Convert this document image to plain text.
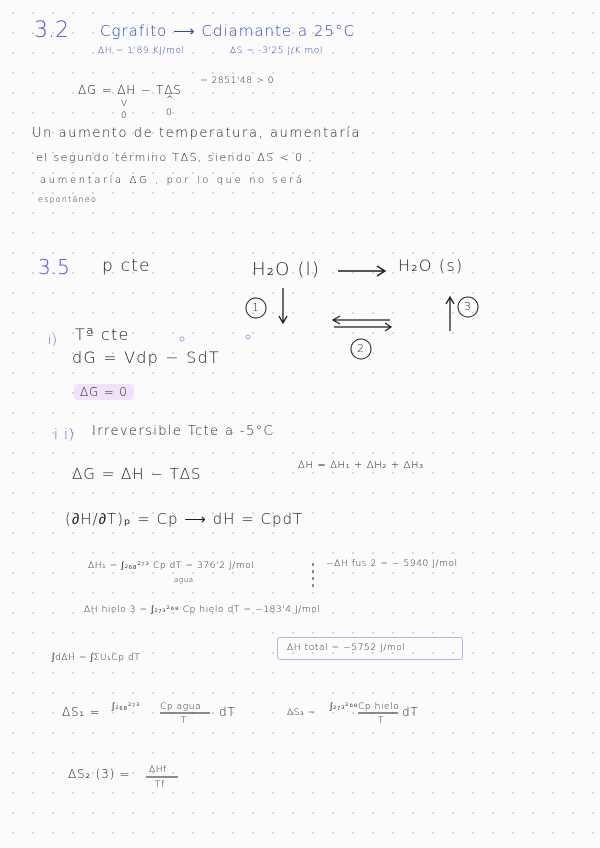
3.2 Cgrafito ⟶ Cdiamante a 25°C
ΔH = 1'89 KJ/mol	ΔS = -3'25 J/K mol
ΔG = ΔH − TΔS
= 2851'48 > 0
V	^
0	0
Un aumento de temperatura, aumentaría
el segundo término TΔS, siendo ΔS < 0 ,
aumentaría ΔG , por lo que no será
espontáneo.
3.5 p cte	H₂O (l)	H₂O (s)
1
2
3
i) Tª cte
dG = Vdp − SdT
ΔG = 0
i i) Irreversible Tcte a -5°C
ΔG = ΔH − TΔS	ΔH = ΔH₁ + ΔH₂ + ΔH₃
(∂H/∂T)ₚ = Cp ⟶ dH = CpdT
ΔH₁ = ∫₂₆₈²⁷³ Cp dT = 376'2 J/mol
agua
−ΔH fus 2 = − 5940 J/mol
ΔH hielo 3 = ∫₂₇₃²⁶⁸ Cp hielo dT = −183'4 J/mol
∫dΔH = ∫ΣU₁Cp dT
ΔH total = −5752 J/mol
ΔS₁ = ∫₂₆₈²⁷³ Cp agua
T
dT	ΔS₃ =
∫₂₇₃²⁶⁸ Cp hielo
T
dT
ΔS₂ (3) = ΔHf
Tf
